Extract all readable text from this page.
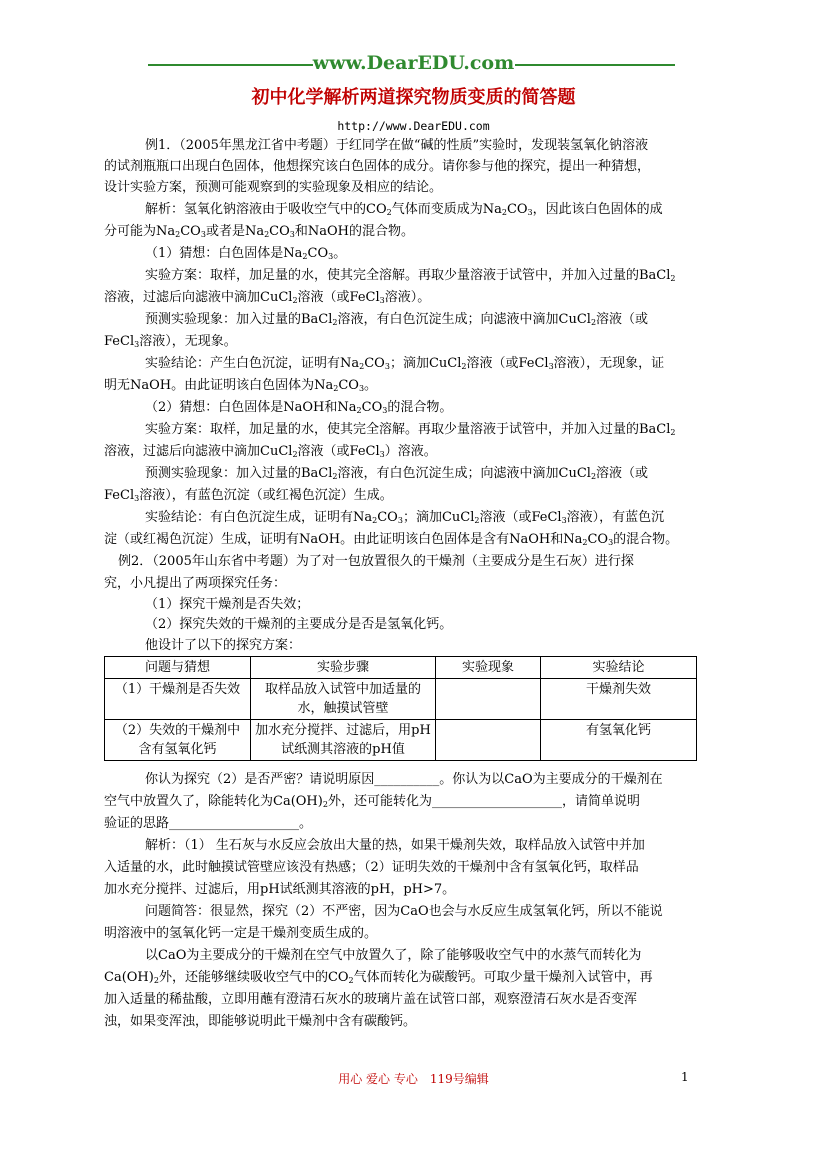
www.DearEDU.com
初中化学解析两道探究物质变质的简答题
http://www.DearEDU.com
例1．（2005年黑龙江省中考题）于红同学在做“碱的性质”实验时，发现装氢氧化钠溶液
的试剂瓶瓶口出现白色固体，他想探究该白色固体的成分。请你参与他的探究，提出一种猜想，
设计实验方案，预测可能观察到的实验现象及相应的结论。
解析：氢氧化钠溶液由于吸收空气中的$CO_2$气体而变质成为$Na_2CO_3$，因此该白色固体的成
分可能为$Na_2CO_3$或者是$Na_2CO_3$和NaOH的混合物。
（1）猜想：白色固体是$Na_2CO_3$。
实验方案：取样，加足量的水，使其完全溶解。再取少量溶液于试管中，并加入过量的BaCl$_2$
溶液，过滤后向滤液中滴加CuCl$_2$溶液（或FeCl$_3$溶液）。
预测实验现象：加入过量的BaCl$_2$溶液，有白色沉淀生成；向滤液中滴加CuCl$_2$溶液（或
FeCl$_3$溶液），无现象。
实验结论：产生白色沉淀，证明有$Na_2CO_3$；滴加CuCl$_2$溶液（或FeCl$_3$溶液），无现象，证
明无NaOH。由此证明该白色固体为$Na_2CO_3$。
（2）猜想：白色固体是NaOH和$Na_2CO_3$的混合物。
实验方案：取样，加足量的水，使其完全溶解。再取少量溶液于试管中，并加入过量的BaCl$_2$
溶液，过滤后向滤液中滴加CuCl$_2$溶液（或FeCl$_3$）溶液。
预测实验现象：加入过量的BaCl$_2$溶液，有白色沉淀生成；向滤液中滴加CuCl$_2$溶液（或
FeCl$_3$溶液），有蓝色沉淀（或红褐色沉淀）生成。
实验结论：有白色沉淀生成，证明有$Na_2CO_3$；滴加CuCl$_2$溶液（或FeCl$_3$溶液），有蓝色沉
淀（或红褐色沉淀）生成，证明有NaOH。由此证明该白色固体是含有NaOH和$Na_2CO_3$的混合物。
例2．（2005年山东省中考题）为了对一包放置很久的干燥剂（主要成分是生石灰）进行探
究，小凡提出了两项探究任务：
（1）探究干燥剂是否失效；
（2）探究失效的干燥剂的主要成分是否是氢氧化钙。
他设计了以下的探究方案：
问题与猜想	实验步骤	实验现象	实验结论
（1）干燥剂是否失效	取样品放入试管中加适量的水，触摸试管壁		干燥剂失效
（2）失效的干燥剂中含有氢氧化钙	加水充分搅拌、过滤后，用pH试纸测其溶液的pH值		有氢氧化钙
你认为探究（2）是否严密？请说明原因__________。你认为以CaO为主要成分的干燥剂在
空气中放置久了，除能转化为$Ca(OH)_2$外，还可能转化为____________________，请简单说明
验证的思路____________________。
解析：（1） 生石灰与水反应会放出大量的热，如果干燥剂失效，取样品放入试管中并加
入适量的水，此时触摸试管壁应该没有热感；（2）证明失效的干燥剂中含有氢氧化钙，取样品
加水充分搅拌、过滤后，用pH试纸测其溶液的pH，pH>7。
问题简答：很显然，探究（2）不严密，因为CaO也会与水反应生成氢氧化钙，所以不能说
明溶液中的氢氧化钙一定是干燥剂变质生成的。
以CaO为主要成分的干燥剂在空气中放置久了，除了能够吸收空气中的水蒸气而转化为
$Ca(OH)_2$外，还能够继续吸收空气中的$CO_2$气体而转化为碳酸钙。可取少量干燥剂入试管中，再
加入适量的稀盐酸，立即用蘸有澄清石灰水的玻璃片盖在试管口部，观察澄清石灰水是否变浑
浊，如果变浑浊，即能够说明此干燥剂中含有碳酸钙。
用心 爱心 专心　119号编辑	1
